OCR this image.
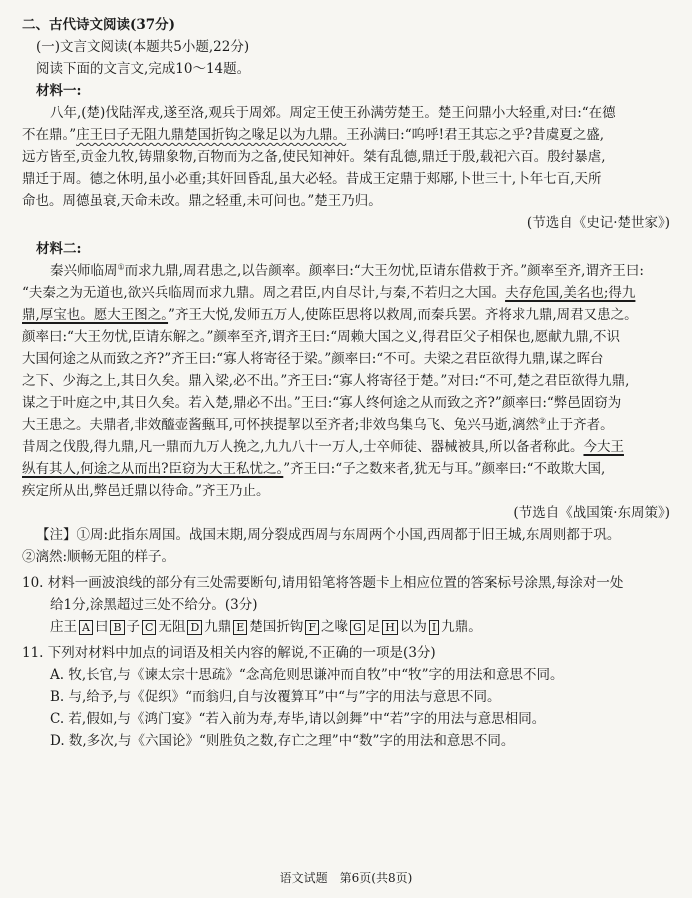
二、古代诗文阅读(37分)
(一)文言文阅读(本题共5小题,22分)
阅读下面的文言文,完成10～14题。
材料一:
八年,(楚)伐陆浑戎,遂至洛,观兵于周郊。周定王使王孙满劳楚王。楚王问鼎小大轻重,对曰:“在德
不在鼎。”庄王曰子无阻九鼎楚国折钩之喙足以为九鼎。王孙满曰:“呜呼!君王其忘之乎?昔虞夏之盛,
远方皆至,贡金九牧,铸鼎象物,百物而为之备,使民知神奸。桀有乱德,鼎迁于殷,载祀六百。殷纣暴虐,
鼎迁于周。德之休明,虽小必重;其奸回昏乱,虽大必轻。昔成王定鼎于郏鄏,卜世三十,卜年七百,天所
命也。周德虽衰,天命未改。鼎之轻重,未可问也。”楚王乃归。
(节选自《史记·楚世家》)
材料二:
秦兴师临周①而求九鼎,周君患之,以告颜率。颜率曰:“大王勿忧,臣请东借救于齐。”颜率至齐,谓齐王曰:
“夫秦之为无道也,欲兴兵临周而求九鼎。周之君臣,内自尽计,与秦,不若归之大国。夫存危国,美名也;得九
鼎,厚宝也。愿大王图之。”齐王大悦,发师五万人,使陈臣思将以救周,而秦兵罢。齐将求九鼎,周君又患之。
颜率曰:“大王勿忧,臣请东解之。”颜率至齐,谓齐王曰:“周赖大国之义,得君臣父子相保也,愿献九鼎,不识
大国何途之从而致之齐?”齐王曰:“寡人将寄径于梁。”颜率曰:“不可。夫梁之君臣欲得九鼎,谋之晖台
之下、少海之上,其日久矣。鼎入梁,必不出。”齐王曰:“寡人将寄径于楚。”对曰:“不可,楚之君臣欲得九鼎,
谋之于叶庭之中,其日久矣。若入楚,鼎必不出。”王曰:“寡人终何途之从而致之齐?”颜率曰:“弊邑固窃为
大王患之。夫鼎者,非效醯壶酱甀耳,可怀挟提挈以至齐者;非效鸟集乌飞、兔兴马逝,漓然②止于齐者。
昔周之伐殷,得九鼎,凡一鼎而九万人挽之,九九八十一万人,士卒师徒、器械被具,所以备者称此。今大王
纵有其人,何途之从而出?臣窃为大王私忧之。”齐王曰:“子之数来者,犹无与耳。”颜率曰:“不敢欺大国,
疾定所从出,弊邑迁鼎以待命。”齐王乃止。
(节选自《战国策·东周策》)
【注】①周:此指东周国。战国末期,周分裂成西周与东周两个小国,西周都于旧王城,东周则都于巩。
②漓然:顺畅无阻的样子。
10. 材料一画波浪线的部分有三处需要断句,请用铅笔将答题卡上相应位置的答案标号涂黑,每涂对一处
给1分,涂黑超过三处不给分。(3分)
庄王 A 曰 B 子 C 无阻 D 九鼎 E 楚国折钩 F 之喙 G 足 H 以为 I 九鼎。
11. 下列对材料中加点的词语及相关内容的解说,不正确的一项是(3分)
A. 牧,长官,与《谏太宗十思疏》“念高危则思谦冲而自牧”中“牧”字的用法和意思不同。
B. 与,给予,与《促织》“而翁归,自与汝覆算耳”中“与”字的用法与意思不同。
C. 若,假如,与《鸿门宴》“若入前为寿,寿毕,请以剑舞”中“若”字的用法与意思相同。
D. 数,多次,与《六国论》“则胜负之数,存亡之理”中“数”字的用法和意思不同。
语文试题　第6页(共8页)
